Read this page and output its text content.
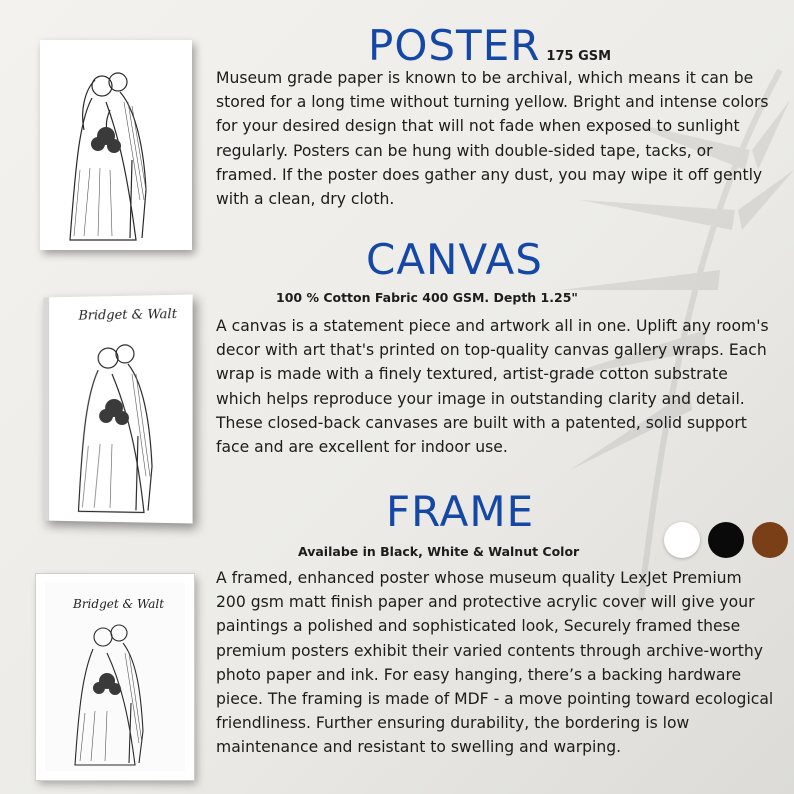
POSTER 175 GSM

Museum grade paper is known to be archival, which means it can be stored for a long time without turning yellow. Bright and intense colors for your desired design that will not fade when exposed to sunlight regularly. Posters can be hung with double-sided tape, tacks, or framed. If the poster does gather any dust, you may wipe it off gently with a clean, dry cloth.

Bridget & Walt
CANVAS
100 % Cotton Fabric 400 GSM. Depth 1.25"

A canvas is a statement piece and artwork all in one. Uplift any room's decor with art that's printed on top-quality canvas gallery wraps. Each wrap is made with a finely textured, artist-grade cotton substrate which helps reproduce your image in outstanding clarity and detail. These closed-back canvases are built with a patented, solid support face and are excellent for indoor use.

FRAME
Availabe in Black, White & Walnut Color
Bridget & Walt

A framed, enhanced poster whose museum quality LexJet Premium 200 gsm matt finish paper and protective acrylic cover will give your paintings a polished and sophisticated look, Securely framed these premium posters exhibit their varied contents through archive-worthy photo paper and ink. For easy hanging, there’s a backing hardware piece. The framing is made of MDF - a move pointing toward ecological friendliness. Further ensuring durability, the bordering is low maintenance and resistant to swelling and warping.
